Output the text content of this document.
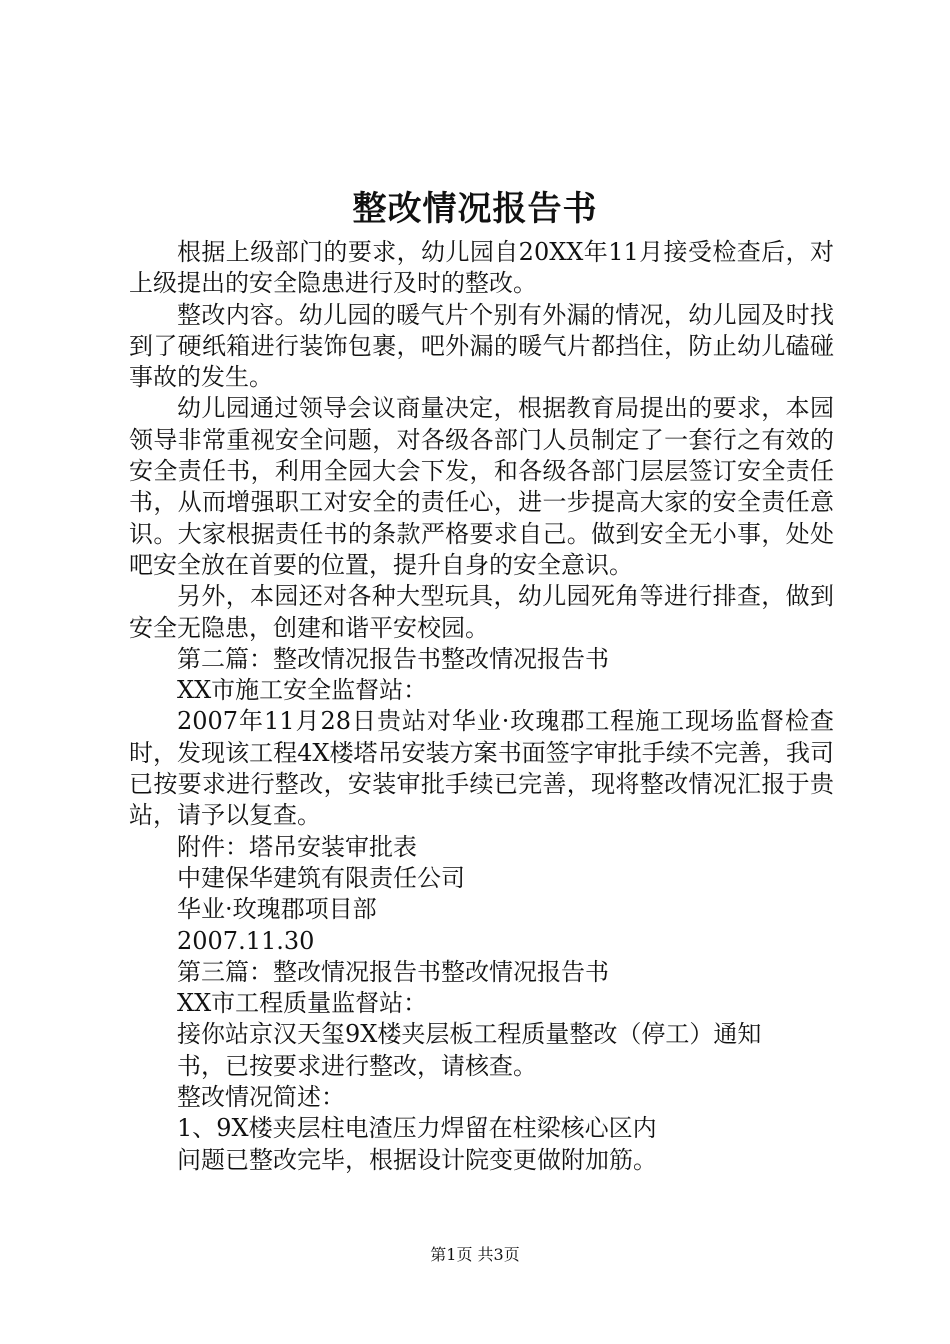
整改情况报告书

根据上级部门的要求，幼儿园自20XX年11月接受检查后，对上级提出的安全隐患进行及时的整改。

整改内容。幼儿园的暖气片个别有外漏的情况，幼儿园及时找到了硬纸箱进行装饰包裹，吧外漏的暖气片都挡住，防止幼儿磕碰事故的发生。

幼儿园通过领导会议商量决定，根据教育局提出的要求，本园领导非常重视安全问题，对各级各部门人员制定了一套行之有效的安全责任书，利用全园大会下发，和各级各部门层层签订安全责任书，从而增强职工对安全的责任心，进一步提高大家的安全责任意识。大家根据责任书的条款严格要求自己。做到安全无小事，处处吧安全放在首要的位置，提升自身的安全意识。

另外，本园还对各种大型玩具，幼儿园死角等进行排查，做到安全无隐患，创建和谐平安校园。

第二篇：整改情况报告书整改情况报告书

XX市施工安全监督站：

2007年11月28日贵站对华业·玫瑰郡工程施工现场监督检查时，发现该工程4X楼塔吊安装方案书面签字审批手续不完善，我司已按要求进行整改，安装审批手续已完善，现将整改情况汇报于贵站，请予以复查。

附件：塔吊安装审批表

中建保华建筑有限责任公司

华业·玫瑰郡项目部

2007.11.30

第三篇：整改情况报告书整改情况报告书

XX市工程质量监督站：

接你站京汉天玺9X楼夹层板工程质量整改（停工）通知书，已按要求进行整改，请核查。

整改情况简述：

1、9X楼夹层柱电渣压力焊留在柱梁核心区内

问题已整改完毕，根据设计院变更做附加筋。

第1页 共3页
